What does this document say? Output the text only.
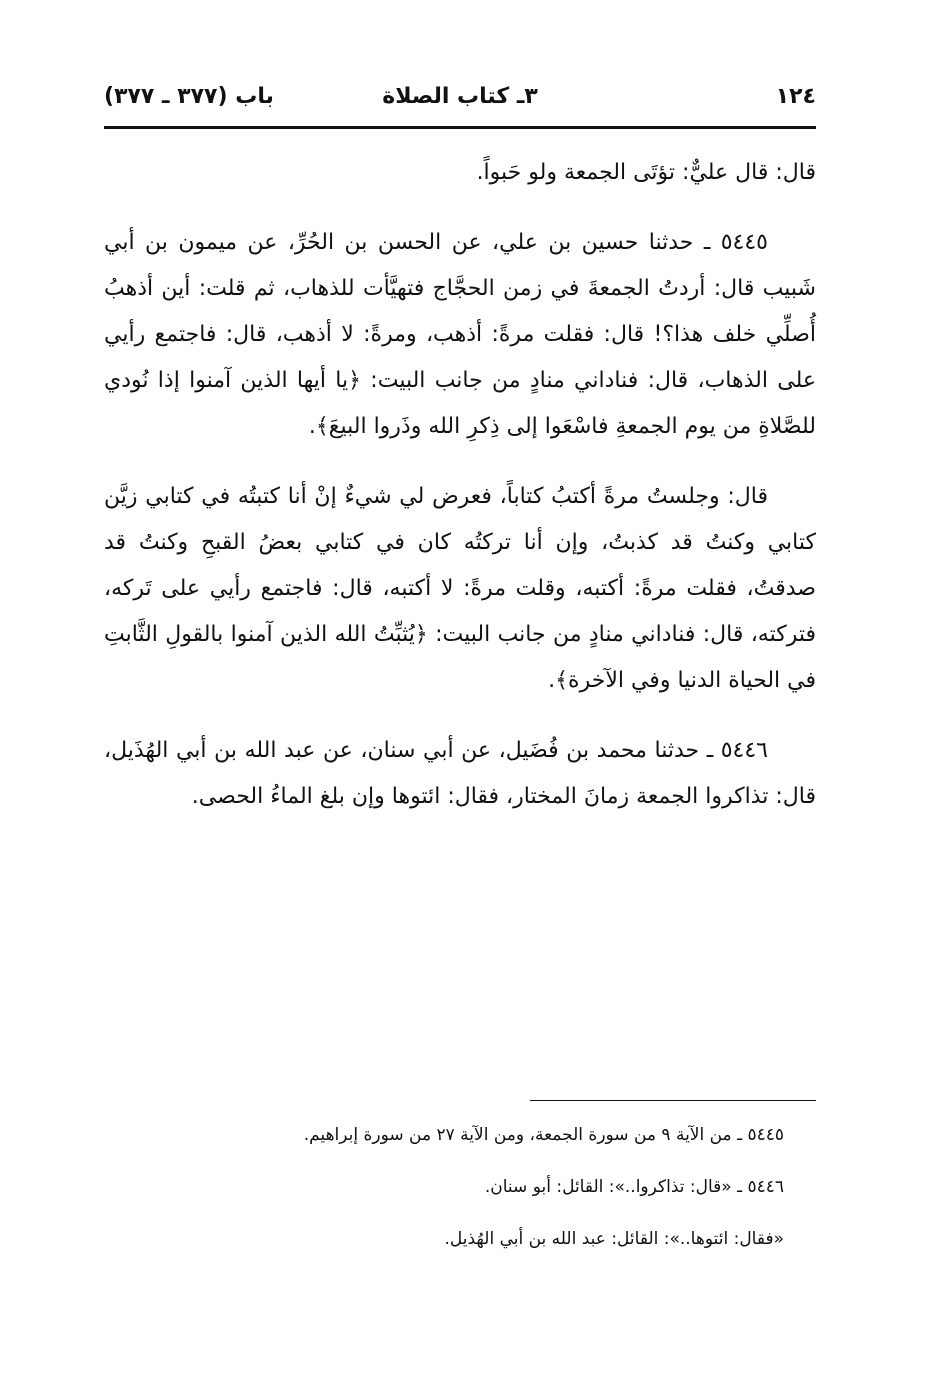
١٢٤
٣ـ كتاب الصلاة
باب (٣٧٧ ـ ٣٧٧)

قال: قال عليٌّ: تؤتَى الجمعة ولو حَبواً.

٥٤٤٥ ـ حدثنا حسين بن علي، عن الحسن بن الحُرِّ، عن ميمون بن أبي شَبيب قال: أردتُ الجمعةَ في زمن الحجَّاج فتهيَّأت للذهاب، ثم قلت: أين أذهبُ أُصلِّي خلف هذا؟! قال: فقلت مرةً: أذهب، ومرةً: لا أذهب، قال: فاجتمع رأيي على الذهاب، قال: فناداني منادٍ من جانب البيت: ﴿يا أيها الذين آمنوا إذا نُودي للصَّلاةِ من يوم الجمعةِ فاسْعَوا إلى ذِكرِ الله وذَروا البيعَ﴾.

قال: وجلستُ مرةً أكتبُ كتاباً، فعرض لي شيءٌ إنْ أنا كتبتُه في كتابي زيَّن كتابي وكنتُ قد كذبتُ، وإن أنا تركتُه كان في كتابي بعضُ القبحِ وكنتُ قد صدقتُ، فقلت مرةً: أكتبه، وقلت مرةً: لا أكتبه، قال: فاجتمع رأيي على تَركه، فتركته، قال: فناداني منادٍ من جانب البيت: ﴿يُثبِّتُ الله الذين آمنوا بالقولِ الثَّابتِ في الحياة الدنيا وفي الآخرة﴾.

٥٤٤٦ ـ حدثنا محمد بن فُضَيل، عن أبي سنان، عن عبد الله بن أبي الهُذَيل، قال: تذاكروا الجمعة زمانَ المختار، فقال: ائتوها وإن بلغ الماءُ الحصى.

٥٤٤٥ ـ من الآية ٩ من سورة الجمعة، ومن الآية ٢٧ من سورة إبراهيم.

٥٤٤٦ ـ «قال: تذاكروا..»: القائل: أبو سنان.

«فقال: ائتوها..»: القائل: عبد الله بن أبي الهُذيل.
